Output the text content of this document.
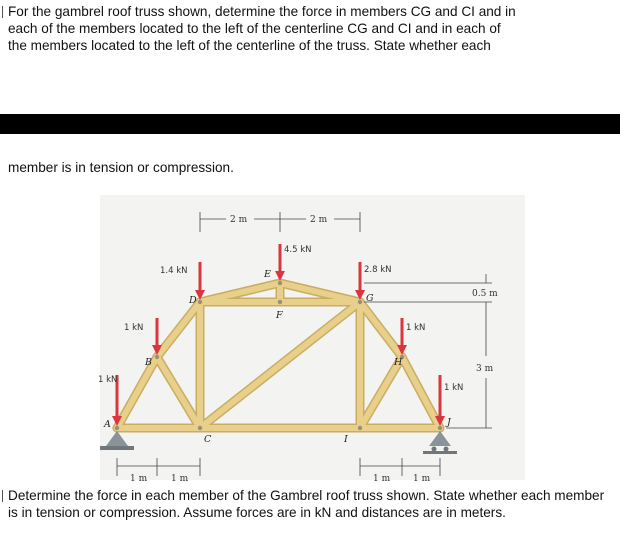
For the gambrel roof truss shown, determine the force in members CG and CI and in
each of the members located to the left of the centerline CG and CI and in each of
the members located to the left of the centerline of the truss. State whether each

member is in tension or compression.

1 kN
1 kN
1.4 kN
4.5 kN
2.8 kN
1 kN
1 kN
A
B
C
D
E
F
G
H
I
J
2 m	2 m
0.5 m
3 m
1 m	1 m	1 m	1 m

Determine the force in each member of the Gambrel roof truss shown. State whether each member is in tension or compression. Assume forces are in kN and distances are in meters.
